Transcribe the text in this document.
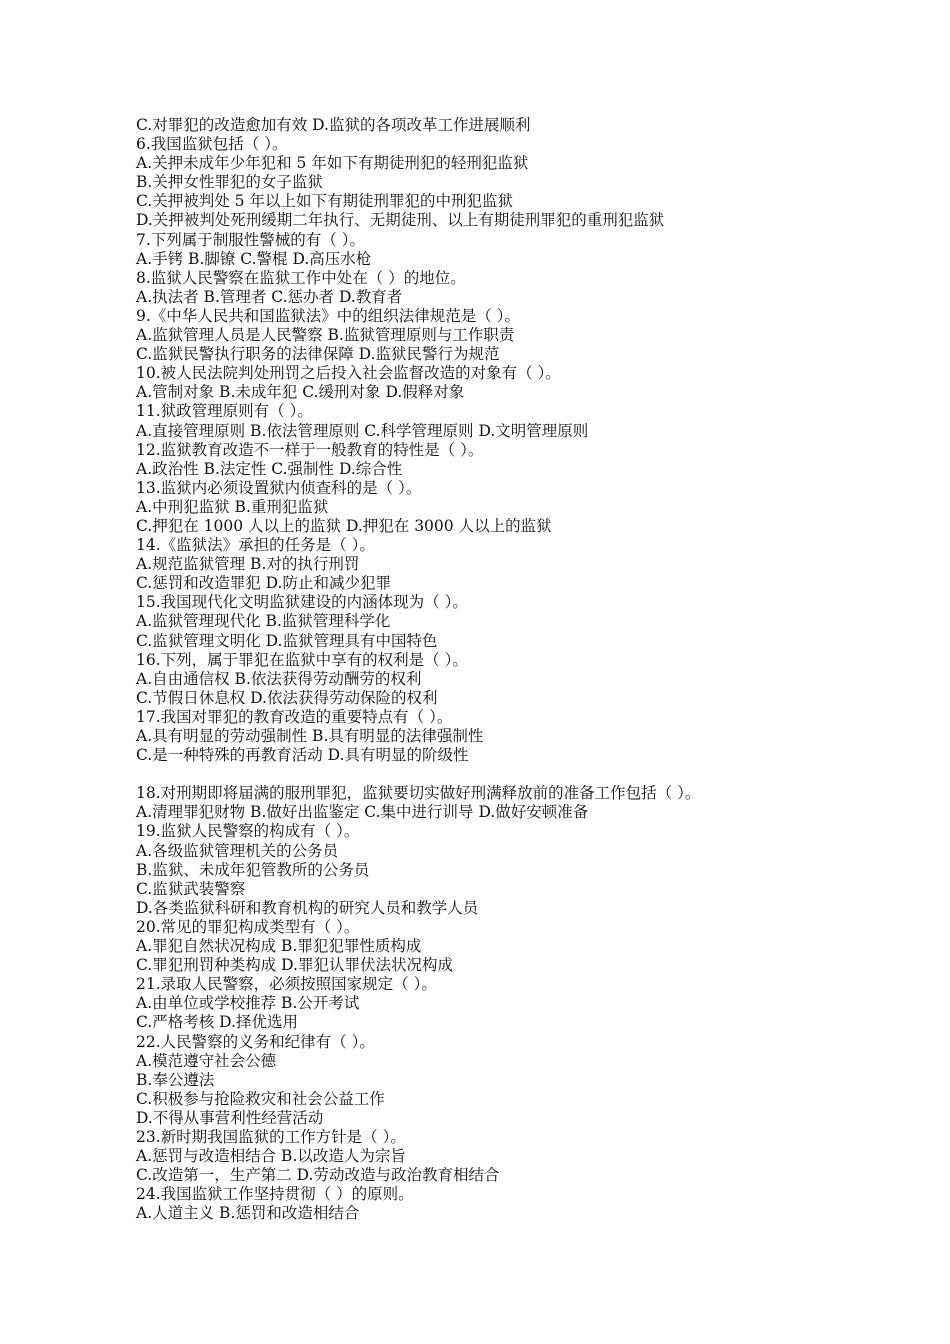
C.对罪犯的改造愈加有效 D.监狱的各项改革工作进展顺利
6.我国监狱包括（ ）。
A.关押未成年少年犯和 5 年如下有期徒刑犯的轻刑犯监狱
B.关押女性罪犯的女子监狱
C.关押被判处 5 年以上如下有期徒刑罪犯的中刑犯监狱
D.关押被判处死刑缓期二年执行、无期徒刑、以上有期徒刑罪犯的重刑犯监狱
7.下列属于制服性警械的有（ ）。
A.手铐 B.脚镣 C.警棍 D.高压水枪
8.监狱人民警察在监狱工作中处在（ ）的地位。
A.执法者 B.管理者 C.惩办者 D.教育者
9.《中华人民共和国监狱法》中的组织法律规范是（ ）。
A.监狱管理人员是人民警察 B.监狱管理原则与工作职责
C.监狱民警执行职务的法律保障 D.监狱民警行为规范
10.被人民法院判处刑罚之后投入社会监督改造的对象有（ ）。
A.管制对象 B.未成年犯 C.缓刑对象 D.假释对象
11.狱政管理原则有（ ）。
A.直接管理原则 B.依法管理原则 C.科学管理原则 D.文明管理原则
12.监狱教育改造不一样于一般教育的特性是（ ）。
A.政治性 B.法定性 C.强制性 D.综合性
13.监狱内必须设置狱内侦查科的是（ ）。
A.中刑犯监狱 B.重刑犯监狱
C.押犯在 1000 人以上的监狱 D.押犯在 3000 人以上的监狱
14.《监狱法》承担的任务是（ ）。
A.规范监狱管理 B.对的执行刑罚
C.惩罚和改造罪犯 D.防止和减少犯罪
15.我国现代化文明监狱建设的内涵体现为（ ）。
A.监狱管理现代化 B.监狱管理科学化
C.监狱管理文明化 D.监狱管理具有中国特色
16.下列，属于罪犯在监狱中享有的权利是（ ）。
A.自由通信权 B.依法获得劳动酬劳的权利
C.节假日休息权 D.依法获得劳动保险的权利
17.我国对罪犯的教育改造的重要特点有（ ）。
A.具有明显的劳动强制性 B.具有明显的法律强制性
C.是一种特殊的再教育活动 D.具有明显的阶级性
18.对刑期即将届满的服刑罪犯，监狱要切实做好刑满释放前的准备工作包括（ ）。
A.清理罪犯财物 B.做好出监鉴定 C.集中进行训导 D.做好安顿准备
19.监狱人民警察的构成有（ ）。
A.各级监狱管理机关的公务员
B.监狱、未成年犯管教所的公务员
C.监狱武装警察
D.各类监狱科研和教育机构的研究人员和教学人员
20.常见的罪犯构成类型有（ ）。
A.罪犯自然状况构成 B.罪犯犯罪性质构成
C.罪犯刑罚种类构成 D.罪犯认罪伏法状况构成
21.录取人民警察，必须按照国家规定（ ）。
A.由单位或学校推荐 B.公开考试
C.严格考核 D.择优选用
22.人民警察的义务和纪律有（ ）。
A.模范遵守社会公德
B.奉公遵法
C.积极参与抢险救灾和社会公益工作
D.不得从事营利性经营活动
23.新时期我国监狱的工作方针是（ ）。
A.惩罚与改造相结合 B.以改造人为宗旨
C.改造第一，生产第二 D.劳动改造与政治教育相结合
24.我国监狱工作坚持贯彻（ ）的原则。
A.人道主义 B.惩罚和改造相结合
